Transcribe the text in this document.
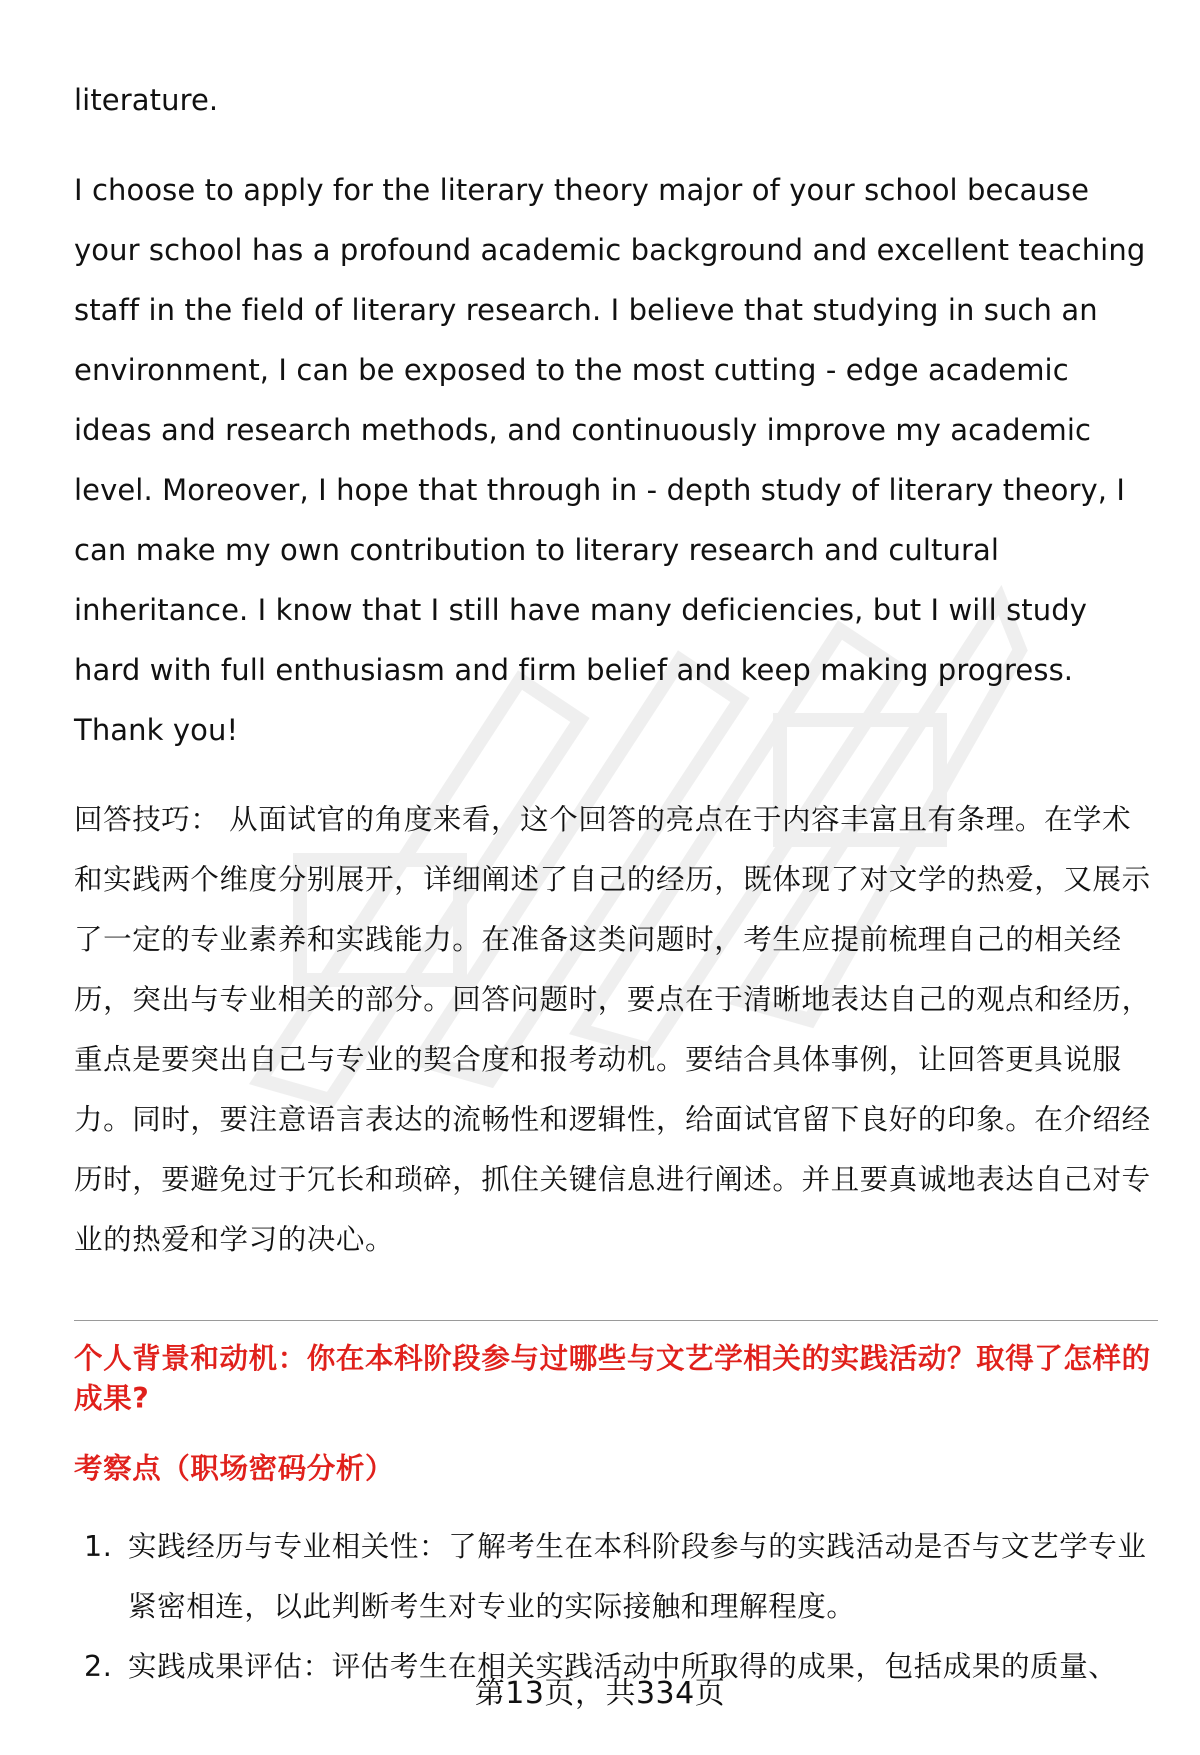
literature.

I choose to apply for the literary theory major of your school because your school has a profound academic background and excellent teaching staff in the field of literary research. I believe that studying in such an environment, I can be exposed to the most cutting - edge academic ideas and research methods, and continuously improve my academic level. Moreover, I hope that through in - depth study of literary theory, I can make my own contribution to literary research and cultural inheritance. I know that I still have many deficiencies, but I will study hard with full enthusiasm and firm belief and keep making progress. Thank you!

回答技巧： 从面试官的角度来看，这个回答的亮点在于内容丰富且有条理。在学术和实践两个维度分别展开，详细阐述了自己的经历，既体现了对文学的热爱，又展示了一定的专业素养和实践能力。在准备这类问题时，考生应提前梳理自己的相关经历，突出与专业相关的部分。回答问题时，要点在于清晰地表达自己的观点和经历，重点是要突出自己与专业的契合度和报考动机。要结合具体事例，让回答更具说服力。同时，要注意语言表达的流畅性和逻辑性，给面试官留下良好的印象。在介绍经历时，要避免过于冗长和琐碎，抓住关键信息进行阐述。并且要真诚地表达自己对专业的热爱和学习的决心。

个人背景和动机：你在本科阶段参与过哪些与文艺学相关的实践活动？取得了怎样的成果?

考察点（职场密码分析）

1. 实践经历与专业相关性：了解考生在本科阶段参与的实践活动是否与文艺学专业紧密相连，以此判断考生对专业的实际接触和理解程度。
2. 实践成果评估：评估考生在相关实践活动中所取得的成果，包括成果的质量、
第13页，共334页
